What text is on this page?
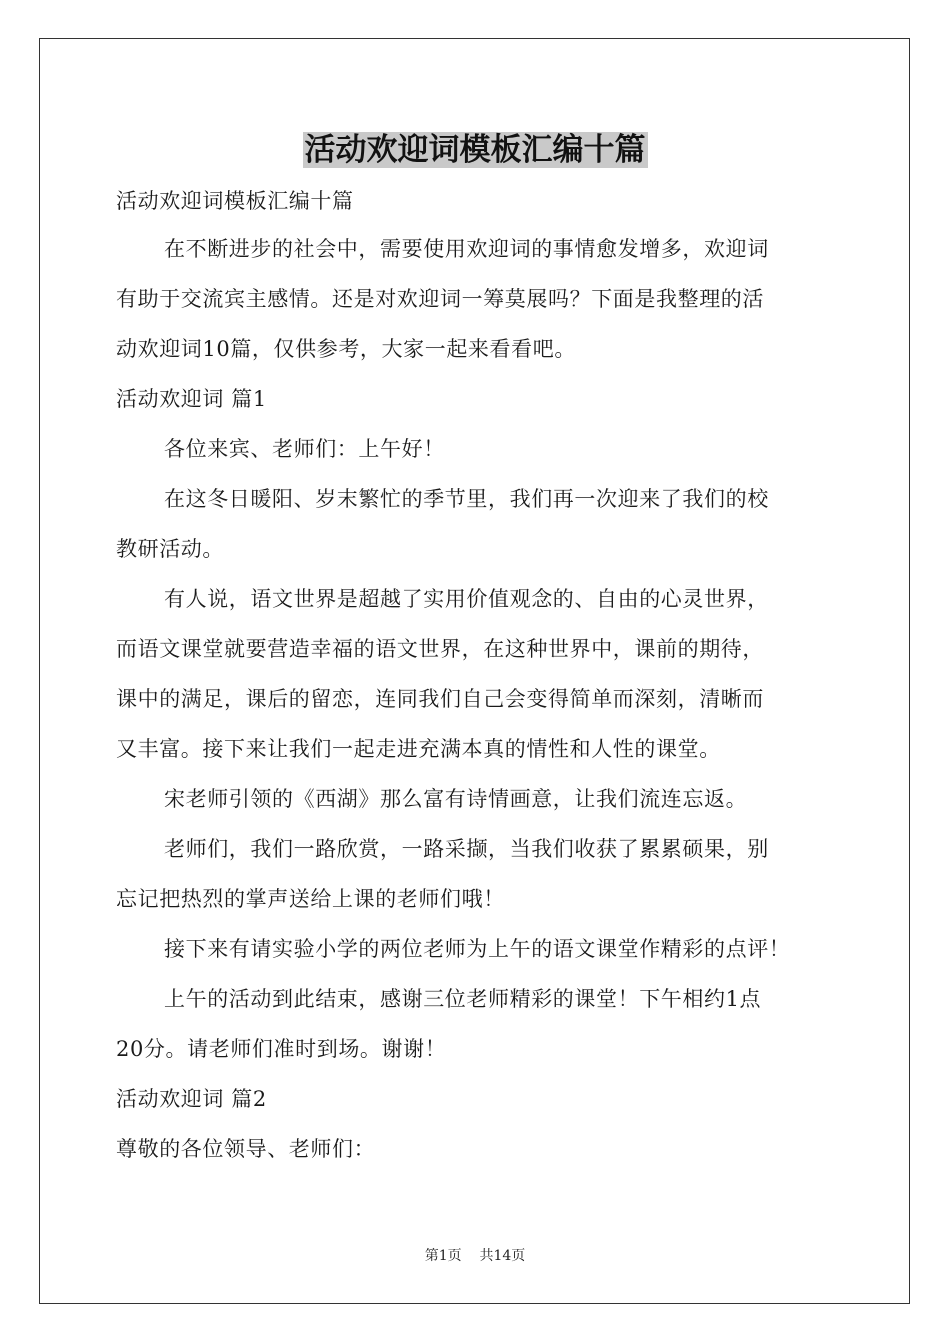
活动欢迎词模板汇编十篇
活动欢迎词模板汇编十篇
在不断进步的社会中，需要使用欢迎词的事情愈发增多，欢迎词
有助于交流宾主感情。还是对欢迎词一筹莫展吗？下面是我整理的活
动欢迎词10篇，仅供参考，大家一起来看看吧。
活动欢迎词 篇1
各位来宾、老师们：上午好！
在这冬日暖阳、岁末繁忙的季节里，我们再一次迎来了我们的校
教研活动。
有人说，语文世界是超越了实用价值观念的、自由的心灵世界，
而语文课堂就要营造幸福的语文世界，在这种世界中，课前的期待，
课中的满足，课后的留恋，连同我们自己会变得简单而深刻，清晰而
又丰富。接下来让我们一起走进充满本真的情性和人性的课堂。
宋老师引领的《西湖》那么富有诗情画意，让我们流连忘返。
老师们，我们一路欣赏，一路采撷，当我们收获了累累硕果，别
忘记把热烈的掌声送给上课的老师们哦！
接下来有请实验小学的两位老师为上午的语文课堂作精彩的点评！
上午的活动到此结束，感谢三位老师精彩的课堂！下午相约1点
20分。请老师们准时到场。谢谢！
活动欢迎词 篇2
尊敬的各位领导、老师们：
第1页 共14页
